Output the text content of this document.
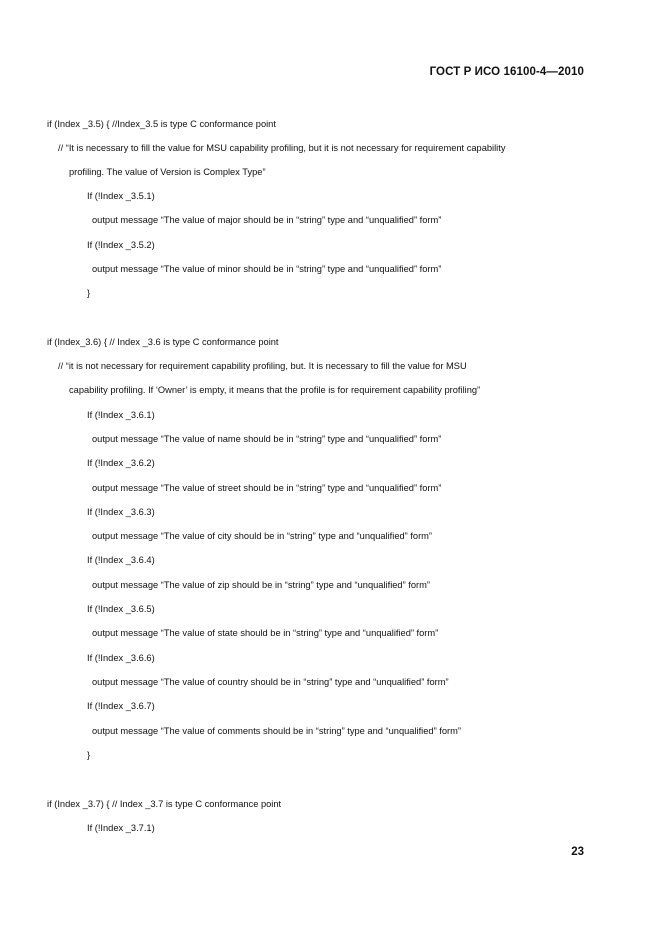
ГОСТ Р ИСО 16100-4—2010
if (Index _3.5) { //Index_3.5 is type C conformance point
// “It is necessary to fill the value for MSU capability profiling, but it is not necessary for requirement capability
profiling. The value of Version is Complex Type”
If (!Index _3.5.1)
output message “The value of major should be in “string” type and “unqualified” form”
If (!Index _3.5.2)
output message “The value of minor should be in “string” type and “unqualified” form”
}
if (Index_3.6) { // Index _3.6 is type C conformance point
// “it is not necessary for requirement capability profiling, but. It is necessary to fill the value for MSU
capability profiling. If ‘Owner’ is empty, it means that the profile is for requirement capability profiling”
If (!Index _3.6.1)
output message “The value of name should be in “string” type and “unqualified” form”
If (!Index _3.6.2)
output message “The value of street should be in “string” type and “unqualified” form”
If (!Index _3.6.3)
output message “The value of city should be in “string” type and “unqualified” form”
If (!Index _3.6.4)
output message “The value of zip should be in “string” type and “unqualified” form”
If (!Index _3.6.5)
output message “The value of state should be in “string” type and “unqualified” form”
If (!Index _3.6.6)
output message “The value of country should be in “string” type and “unqualified” form”
If (!Index _3.6.7)
output message “The value of comments should be in “string” type and “unqualified” form”
}
if (Index _3.7) { // Index _3.7 is type C conformance point
If (!Index _3.7.1)
23
